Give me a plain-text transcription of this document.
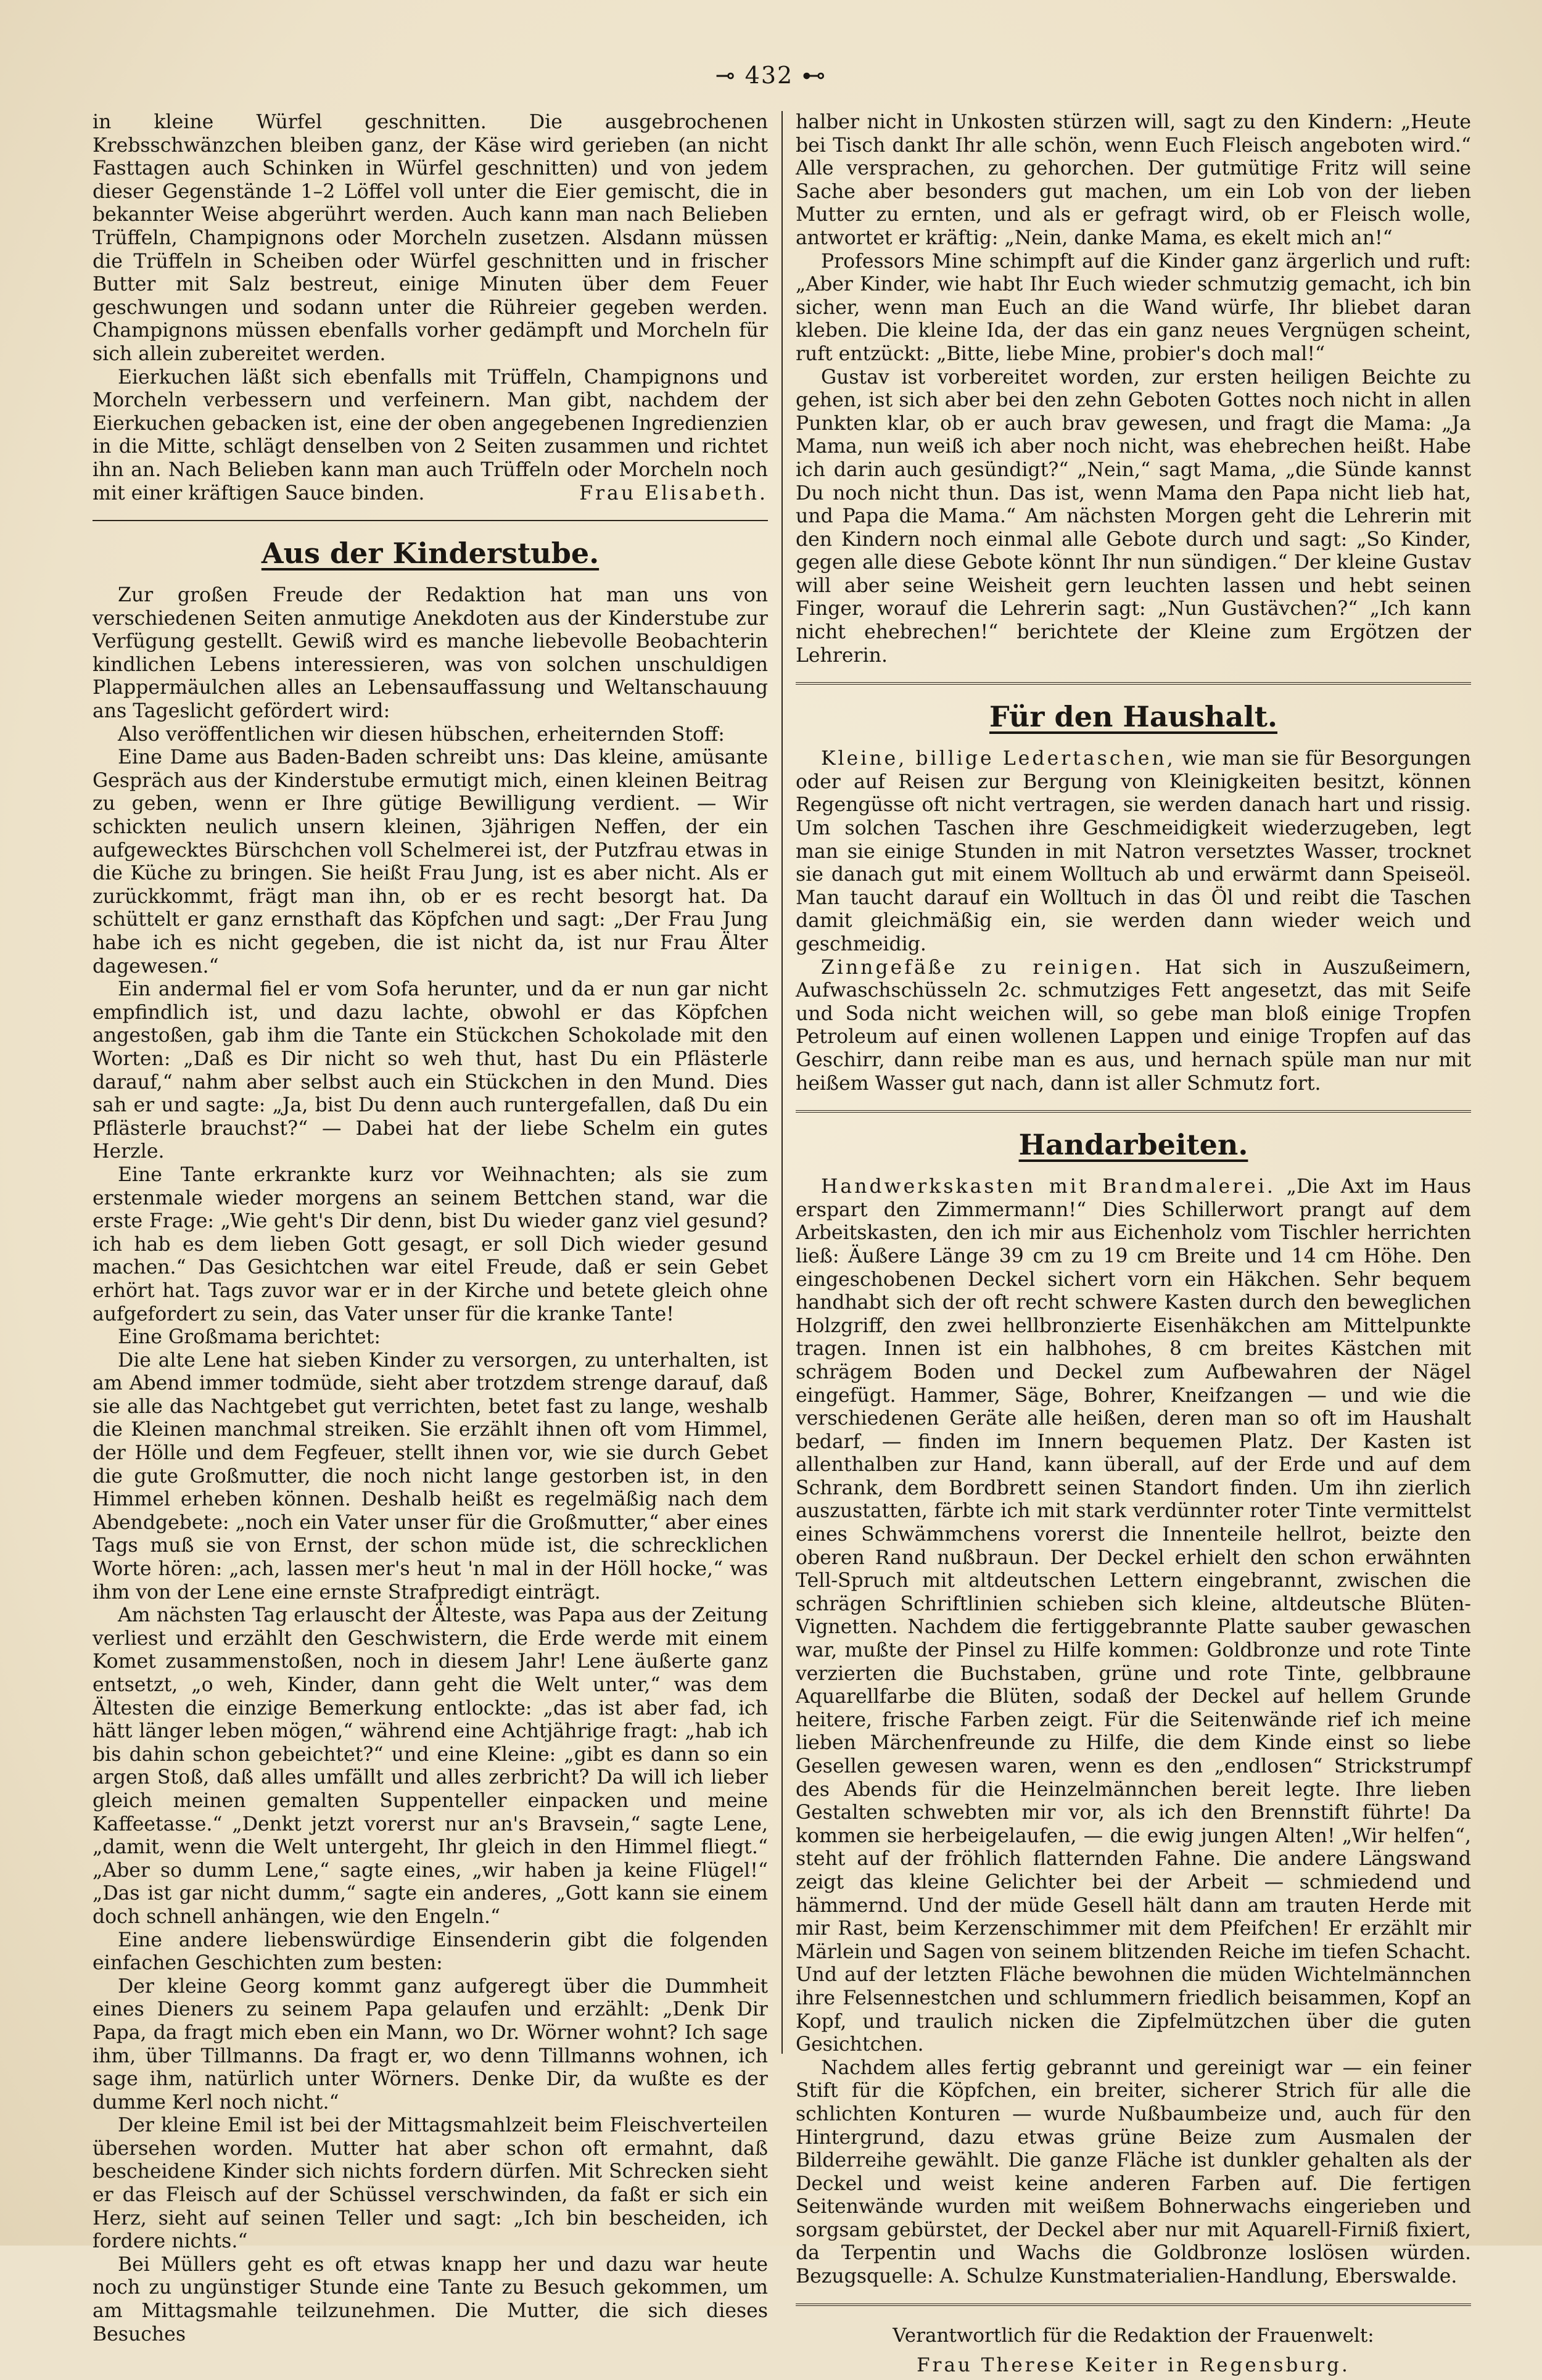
⊸ 432 ⊷

in kleine Würfel geschnitten. Die ausgebrochenen Krebsschwänzchen bleiben ganz, der Käse wird gerieben (an nicht Fasttagen auch Schinken in Würfel geschnitten) und von jedem dieser Gegenstände 1–2 Löffel voll unter die Eier gemischt, die in bekannter Weise abgerührt werden. Auch kann man nach Belieben Trüffeln, Champignons oder Morcheln zusetzen. Alsdann müssen die Trüffeln in Scheiben oder Würfel geschnitten und in frischer Butter mit Salz bestreut, einige Minuten über dem Feuer geschwungen und sodann unter die Rühreier gegeben werden. Champignons müssen ebenfalls vorher gedämpft und Morcheln für sich allein zubereitet werden.

Eierkuchen läßt sich ebenfalls mit Trüffeln, Champignons und Morcheln verbessern und verfeinern. Man gibt, nachdem der Eierkuchen gebacken ist, eine der oben angegebenen Ingredienzien in die Mitte, schlägt denselben von 2 Seiten zusammen und richtet ihn an. Nach Belieben kann man auch Trüffeln oder Morcheln noch mit einer kräftigen Sauce binden.	Frau Elisabeth.
Aus der Kinderstube.

Zur großen Freude der Redaktion hat man uns von verschiedenen Seiten anmutige Anekdoten aus der Kinderstube zur Verfügung gestellt. Gewiß wird es manche liebevolle Beobachterin kindlichen Lebens interessieren, was von solchen unschuldigen Plappermäulchen alles an Lebensauffassung und Weltanschauung ans Tageslicht gefördert wird:

Also veröffentlichen wir diesen hübschen, erheiternden Stoff:

Eine Dame aus Baden-Baden schreibt uns: Das kleine, amüsante Gespräch aus der Kinderstube ermutigt mich, einen kleinen Beitrag zu geben, wenn er Ihre gütige Bewilligung verdient. — Wir schickten neulich unsern kleinen, 3jährigen Neffen, der ein aufgewecktes Bürschchen voll Schelmerei ist, der Putzfrau etwas in die Küche zu bringen. Sie heißt Frau Jung, ist es aber nicht. Als er zurückkommt, frägt man ihn, ob er es recht besorgt hat. Da schüttelt er ganz ernsthaft das Köpfchen und sagt: „Der Frau Jung habe ich es nicht gegeben, die ist nicht da, ist nur Frau Älter dagewesen.“

Ein andermal fiel er vom Sofa herunter, und da er nun gar nicht empfindlich ist, und dazu lachte, obwohl er das Köpfchen angestoßen, gab ihm die Tante ein Stückchen Schokolade mit den Worten: „Daß es Dir nicht so weh thut, hast Du ein Pflästerle darauf,“ nahm aber selbst auch ein Stückchen in den Mund. Dies sah er und sagte: „Ja, bist Du denn auch runtergefallen, daß Du ein Pflästerle brauchst?“ — Dabei hat der liebe Schelm ein gutes Herzle.

Eine Tante erkrankte kurz vor Weihnachten; als sie zum erstenmale wieder morgens an seinem Bettchen stand, war die erste Frage: „Wie geht's Dir denn, bist Du wieder ganz viel gesund? ich hab es dem lieben Gott gesagt, er soll Dich wieder gesund machen.“ Das Gesichtchen war eitel Freude, daß er sein Gebet erhört hat. Tags zuvor war er in der Kirche und betete gleich ohne aufgefordert zu sein, das Vater unser für die kranke Tante!

Eine Großmama berichtet:

Die alte Lene hat sieben Kinder zu versorgen, zu unterhalten, ist am Abend immer todmüde, sieht aber trotzdem strenge darauf, daß sie alle das Nachtgebet gut verrichten, betet fast zu lange, weshalb die Kleinen manchmal streiken. Sie erzählt ihnen oft vom Himmel, der Hölle und dem Fegfeuer, stellt ihnen vor, wie sie durch Gebet die gute Großmutter, die noch nicht lange gestorben ist, in den Himmel erheben können. Deshalb heißt es regelmäßig nach dem Abendgebete: „noch ein Vater unser für die Großmutter,“ aber eines Tags muß sie von Ernst, der schon müde ist, die schrecklichen Worte hören: „ach, lassen mer's heut 'n mal in der Höll hocke,“ was ihm von der Lene eine ernste Strafpredigt einträgt.

Am nächsten Tag erlauscht der Älteste, was Papa aus der Zeitung verliest und erzählt den Geschwistern, die Erde werde mit einem Komet zusammenstoßen, noch in diesem Jahr! Lene äußerte ganz entsetzt, „o weh, Kinder, dann geht die Welt unter,“ was dem Ältesten die einzige Bemerkung entlockte: „das ist aber fad, ich hätt länger leben mögen,“ während eine Achtjährige fragt: „hab ich bis dahin schon gebeichtet?“ und eine Kleine: „gibt es dann so ein argen Stoß, daß alles umfällt und alles zerbricht? Da will ich lieber gleich meinen gemalten Suppenteller einpacken und meine Kaffeetasse.“ „Denkt jetzt vorerst nur an's Bravsein,“ sagte Lene, „damit, wenn die Welt untergeht, Ihr gleich in den Himmel fliegt.“ „Aber so dumm Lene,“ sagte eines, „wir haben ja keine Flügel!“ „Das ist gar nicht dumm,“ sagte ein anderes, „Gott kann sie einem doch schnell anhängen, wie den Engeln.“

Eine andere liebenswürdige Einsenderin gibt die folgenden einfachen Geschichten zum besten:

Der kleine Georg kommt ganz aufgeregt über die Dummheit eines Dieners zu seinem Papa gelaufen und erzählt: „Denk Dir Papa, da fragt mich eben ein Mann, wo Dr. Wörner wohnt? Ich sage ihm, über Tillmanns. Da fragt er, wo denn Tillmanns wohnen, ich sage ihm, natürlich unter Wörners. Denke Dir, da wußte es der dumme Kerl noch nicht.“

Der kleine Emil ist bei der Mittagsmahlzeit beim Fleischverteilen übersehen worden. Mutter hat aber schon oft ermahnt, daß bescheidene Kinder sich nichts fordern dürfen. Mit Schrecken sieht er das Fleisch auf der Schüssel verschwinden, da faßt er sich ein Herz, sieht auf seinen Teller und sagt: „Ich bin bescheiden, ich fordere nichts.“

Bei Müllers geht es oft etwas knapp her und dazu war heute noch zu ungünstiger Stunde eine Tante zu Besuch gekommen, um am Mittagsmahle teilzunehmen. Die Mutter, die sich dieses Besuches

halber nicht in Unkosten stürzen will, sagt zu den Kindern: „Heute bei Tisch dankt Ihr alle schön, wenn Euch Fleisch angeboten wird.“ Alle versprachen, zu gehorchen. Der gutmütige Fritz will seine Sache aber besonders gut machen, um ein Lob von der lieben Mutter zu ernten, und als er gefragt wird, ob er Fleisch wolle, antwortet er kräftig: „Nein, danke Mama, es ekelt mich an!“

Professors Mine schimpft auf die Kinder ganz ärgerlich und ruft: „Aber Kinder, wie habt Ihr Euch wieder schmutzig gemacht, ich bin sicher, wenn man Euch an die Wand würfe, Ihr bliebet daran kleben. Die kleine Ida, der das ein ganz neues Vergnügen scheint, ruft entzückt: „Bitte, liebe Mine, probier's doch mal!“

Gustav ist vorbereitet worden, zur ersten heiligen Beichte zu gehen, ist sich aber bei den zehn Geboten Gottes noch nicht in allen Punkten klar, ob er auch brav gewesen, und fragt die Mama: „Ja Mama, nun weiß ich aber noch nicht, was ehebrechen heißt. Habe ich darin auch gesündigt?“ „Nein,“ sagt Mama, „die Sünde kannst Du noch nicht thun. Das ist, wenn Mama den Papa nicht lieb hat, und Papa die Mama.“ Am nächsten Morgen geht die Lehrerin mit den Kindern noch einmal alle Gebote durch und sagt: „So Kinder, gegen alle diese Gebote könnt Ihr nun sündigen.“ Der kleine Gustav will aber seine Weisheit gern leuchten lassen und hebt seinen Finger, worauf die Lehrerin sagt: „Nun Gustävchen?“ „Ich kann nicht ehebrechen!“ berichtete der Kleine zum Ergötzen der Lehrerin.

Für den Haushalt.

Kleine, billige Ledertaschen, wie man sie für Besorgungen oder auf Reisen zur Bergung von Kleinigkeiten besitzt, können Regengüsse oft nicht vertragen, sie werden danach hart und rissig. Um solchen Taschen ihre Geschmeidigkeit wiederzugeben, legt man sie einige Stunden in mit Natron versetztes Wasser, trocknet sie danach gut mit einem Wolltuch ab und erwärmt dann Speiseöl. Man taucht darauf ein Wolltuch in das Öl und reibt die Taschen damit gleichmäßig ein, sie werden dann wieder weich und geschmeidig.

Zinngefäße zu reinigen. Hat sich in Auszußeimern, Aufwaschschüsseln 2c. schmutziges Fett angesetzt, das mit Seife und Soda nicht weichen will, so gebe man bloß einige Tropfen Petroleum auf einen wollenen Lappen und einige Tropfen auf das Geschirr, dann reibe man es aus, und hernach spüle man nur mit heißem Wasser gut nach, dann ist aller Schmutz fort.

Handarbeiten.

Handwerkskasten mit Brandmalerei. „Die Axt im Haus erspart den Zimmermann!“ Dies Schillerwort prangt auf dem Arbeitskasten, den ich mir aus Eichenholz vom Tischler herrichten ließ: Äußere Länge 39 cm zu 19 cm Breite und 14 cm Höhe. Den eingeschobenen Deckel sichert vorn ein Häkchen. Sehr bequem handhabt sich der oft recht schwere Kasten durch den beweglichen Holzgriff, den zwei hellbronzierte Eisenhäkchen am Mittelpunkte tragen. Innen ist ein halbhohes, 8 cm breites Kästchen mit schrägem Boden und Deckel zum Aufbewahren der Nägel eingefügt. Hammer, Säge, Bohrer, Kneifzangen — und wie die verschiedenen Geräte alle heißen, deren man so oft im Haushalt bedarf, — finden im Innern bequemen Platz. Der Kasten ist allenthalben zur Hand, kann überall, auf der Erde und auf dem Schrank, dem Bordbrett seinen Standort finden. Um ihn zierlich auszustatten, färbte ich mit stark verdünnter roter Tinte vermittelst eines Schwämmchens vorerst die Innenteile hellrot, beizte den oberen Rand nußbraun. Der Deckel erhielt den schon erwähnten Tell-Spruch mit altdeutschen Lettern eingebrannt, zwischen die schrägen Schriftlinien schieben sich kleine, altdeutsche Blüten-Vignetten. Nachdem die fertiggebrannte Platte sauber gewaschen war, mußte der Pinsel zu Hilfe kommen: Goldbronze und rote Tinte verzierten die Buchstaben, grüne und rote Tinte, gelbbraune Aquarellfarbe die Blüten, sodaß der Deckel auf hellem Grunde heitere, frische Farben zeigt. Für die Seitenwände rief ich meine lieben Märchenfreunde zu Hilfe, die dem Kinde einst so liebe Gesellen gewesen waren, wenn es den „endlosen“ Strickstrumpf des Abends für die Heinzelmännchen bereit legte. Ihre lieben Gestalten schwebten mir vor, als ich den Brennstift führte! Da kommen sie herbeigelaufen, — die ewig jungen Alten! „Wir helfen“, steht auf der fröhlich flatternden Fahne. Die andere Längswand zeigt das kleine Gelichter bei der Arbeit — schmiedend und hämmernd. Und der müde Gesell hält dann am trauten Herde mit mir Rast, beim Kerzenschimmer mit dem Pfeifchen! Er erzählt mir Märlein und Sagen von seinem blitzenden Reiche im tiefen Schacht. Und auf der letzten Fläche bewohnen die müden Wichtelmännchen ihre Felsennestchen und schlummern friedlich beisammen, Kopf an Kopf, und traulich nicken die Zipfelmützchen über die guten Gesichtchen.

Nachdem alles fertig gebrannt und gereinigt war — ein feiner Stift für die Köpfchen, ein breiter, sicherer Strich für alle die schlichten Konturen — wurde Nußbaumbeize und, auch für den Hintergrund, dazu etwas grüne Beize zum Ausmalen der Bilderreihe gewählt. Die ganze Fläche ist dunkler gehalten als der Deckel und weist keine anderen Farben auf. Die fertigen Seitenwände wurden mit weißem Bohnerwachs eingerieben und sorgsam gebürstet, der Deckel aber nur mit Aquarell-Firniß fixiert, da Terpentin und Wachs die Goldbronze loslösen würden. Bezugsquelle: A. Schulze Kunstmaterialien-Handlung, Eberswalde.

Verantwortlich für die Redaktion der Frauenwelt:
Frau Therese Keiter in Regensburg.
